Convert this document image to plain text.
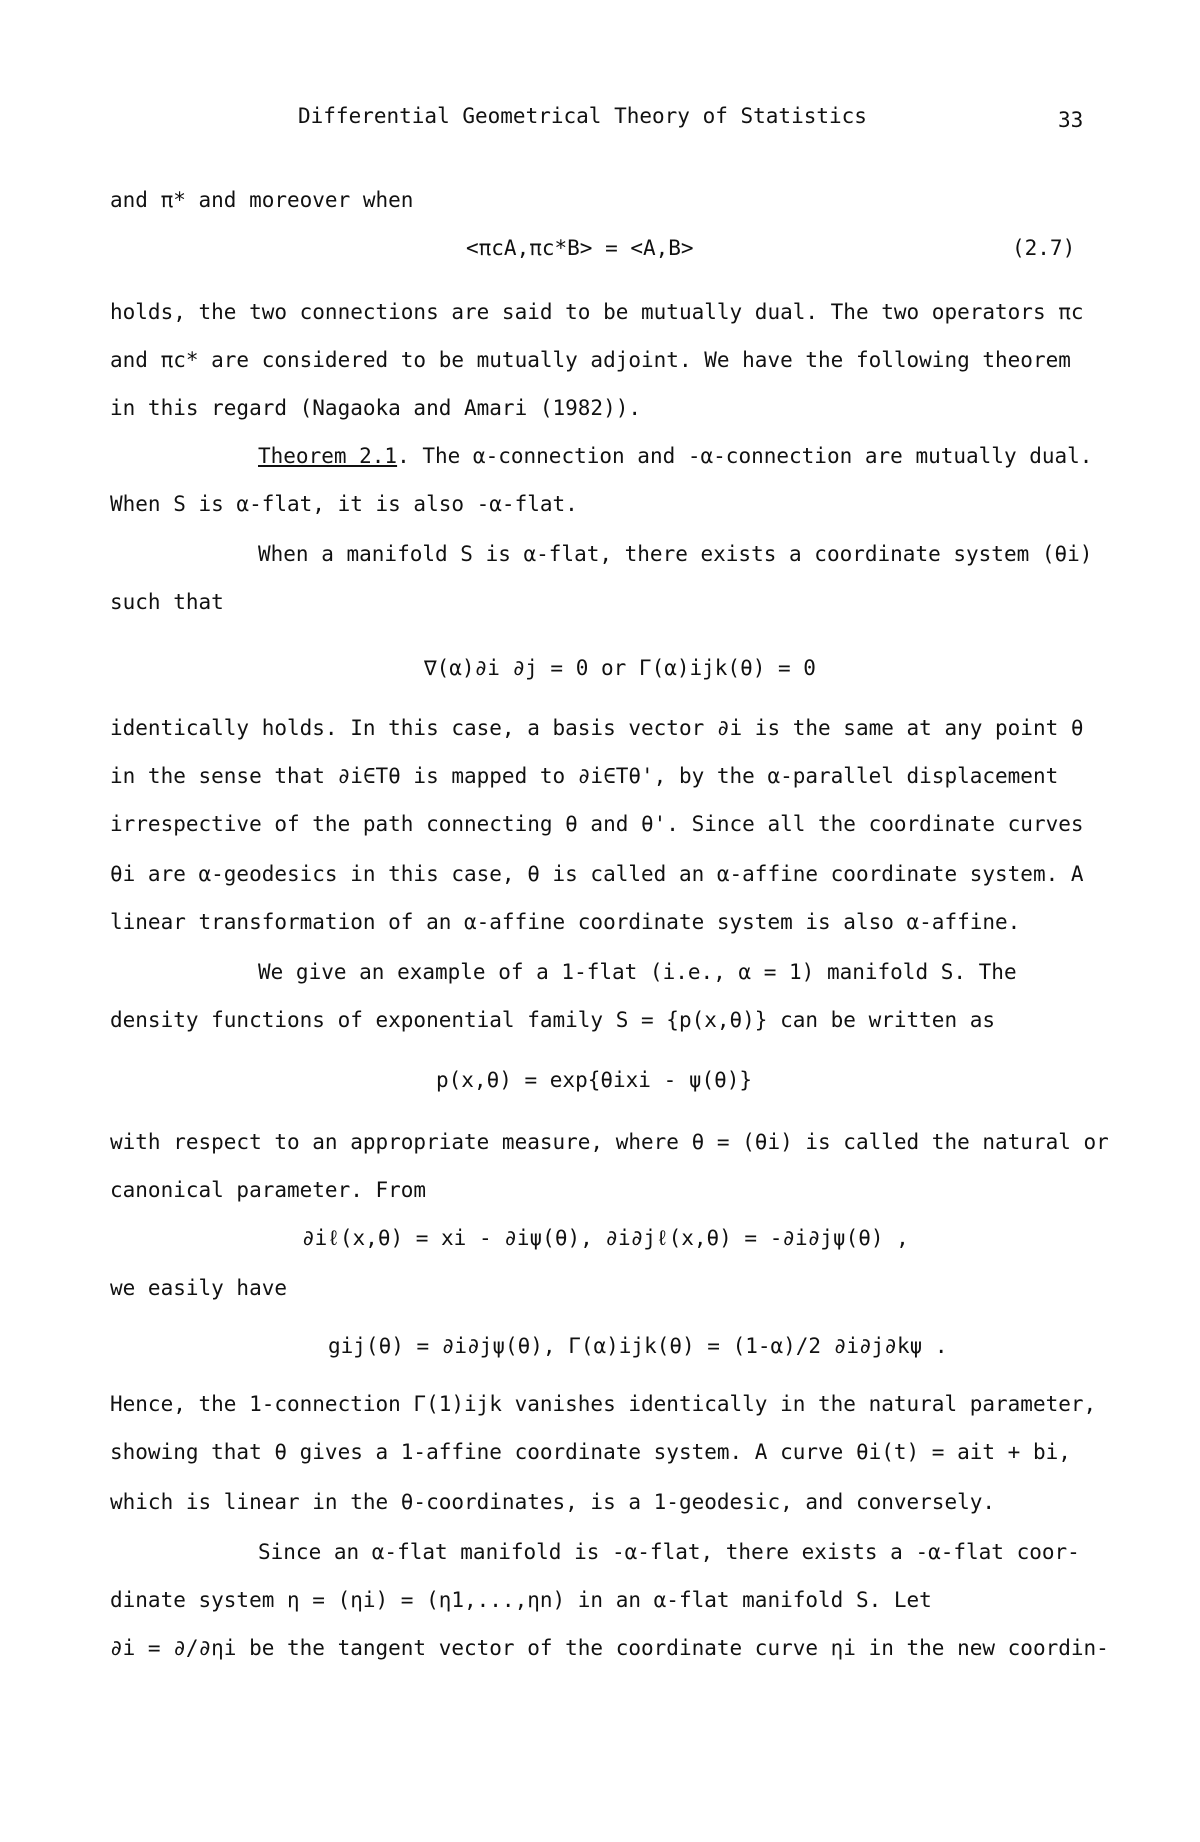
Differential Geometrical Theory of Statistics	33
and π* and moreover when
<πcA,πc*B> = <A,B>	(2.7)
holds, the two connections are said to be mutually dual. The two operators πc
and πc* are considered to be mutually adjoint. We have the following theorem
in this regard (Nagaoka and Amari (1982)).
Theorem 2.1. The α-connection and -α-connection are mutually dual.
When S is α-flat, it is also -α-flat.
When a manifold S is α-flat, there exists a coordinate system (θi)
such that
∇(α)∂i ∂j = 0 or Γ(α)ijk(θ) = 0
identically holds. In this case, a basis vector ∂i is the same at any point θ
in the sense that ∂i∈Tθ is mapped to ∂i∈Tθ', by the α-parallel displacement
irrespective of the path connecting θ and θ'. Since all the coordinate curves
θi are α-geodesics in this case, θ is called an α-affine coordinate system. A
linear transformation of an α-affine coordinate system is also α-affine.
We give an example of a 1-flat (i.e., α = 1) manifold S. The
density functions of exponential family S = {p(x,θ)} can be written as
p(x,θ) = exp{θixi - ψ(θ)}
with respect to an appropriate measure, where θ = (θi) is called the natural or
canonical parameter. From
∂iℓ(x,θ) = xi - ∂iψ(θ), ∂i∂jℓ(x,θ) = -∂i∂jψ(θ) ,
we easily have
gij(θ) = ∂i∂jψ(θ), Γ(α)ijk(θ) = (1-α)/2 ∂i∂j∂kψ .
Hence, the 1-connection Γ(1)ijk vanishes identically in the natural parameter,
showing that θ gives a 1-affine coordinate system. A curve θi(t) = ait + bi,
which is linear in the θ-coordinates, is a 1-geodesic, and conversely.
Since an α-flat manifold is -α-flat, there exists a -α-flat coor-
dinate system η = (ηi) = (η1,...,ηn) in an α-flat manifold S. Let
∂i = ∂/∂ηi be the tangent vector of the coordinate curve ηi in the new coordin-
